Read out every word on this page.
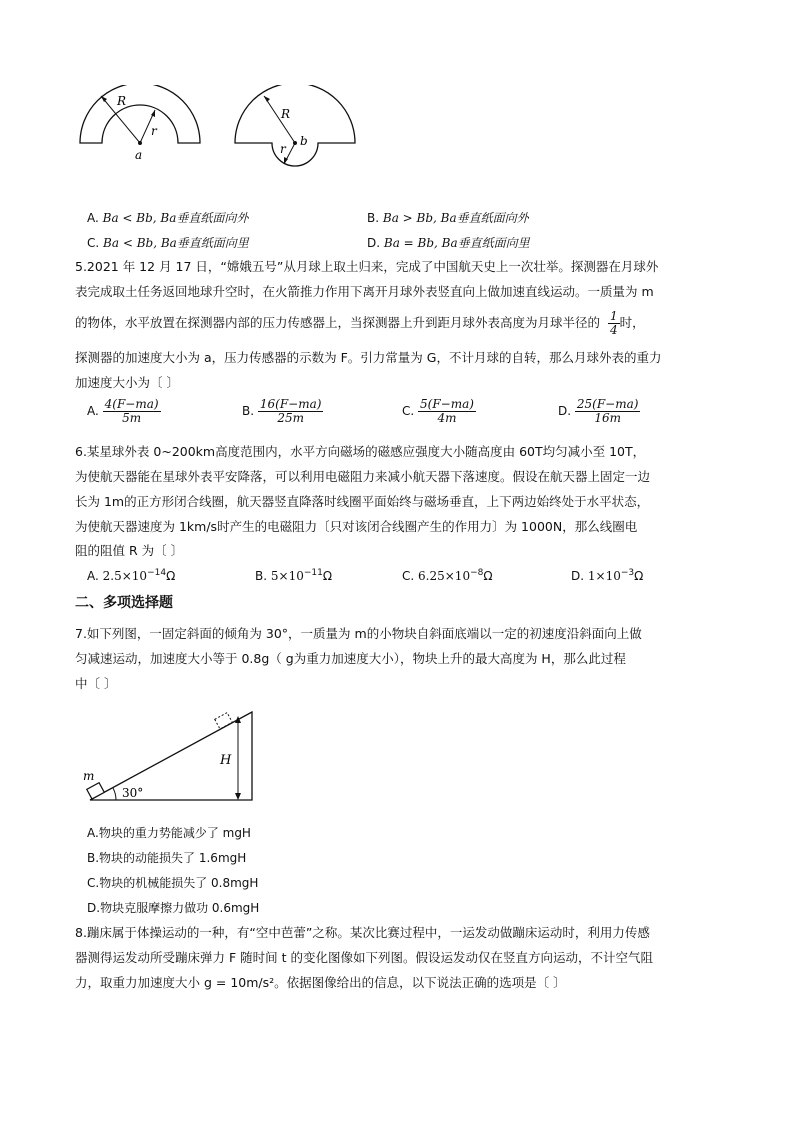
R
r
a
R
r
b
A. Ba < Bb, Ba垂直纸面向外	B. Ba > Bb, Ba垂直纸面向外
C. Ba < Bb, Ba垂直纸面向里	D. Ba = Bb, Ba垂直纸面向里
5.2021 年 12 月 17 日，“嫦娥五号”从月球上取土归来，完成了中国航天史上一次壮举。探测器在月球外
表完成取土任务返回地球升空时，在火箭推力作用下离开月球外表竖直向上做加速直线运动。一质量为 m
的物体，水平放置在探测器内部的压力传感器上，当探测器上升到距月球外表高度为月球半径的 $\frac{1}{4}$ 时，
探测器的加速度大小为 a，压力传感器的示数为 F。引力常量为 G，不计月球的自转，那么月球外表的重力
加速度大小为〔 〕
A. $\frac{4(F-ma)}{5m}$	B. $\frac{16(F-ma)}{25m}$	C. $\frac{5(F-ma)}{4m}$	D. $\frac{25(F-ma)}{16m}$
6.某星球外表 0~200km高度范围内，水平方向磁场的磁感应强度大小随高度由 60T均匀减小至 10T，
为使航天器能在星球外表平安降落，可以利用电磁阻力来减小航天器下落速度。假设在航天器上固定一边
长为 1m的正方形闭合线圈，航天器竖直降落时线圈平面始终与磁场垂直，上下两边始终处于水平状态，
为使航天器速度为 1km/s时产生的电磁阻力〔只对该闭合线圈产生的作用力〕为 1000N，那么线圈电
阻的阻值 R 为〔 〕
A. $2.5\times 10^{-14}\Omega$	B. $5\times 10^{-11}\Omega$	C. $6.25\times 10^{-8}\Omega$	D. $1\times 10^{-3}\Omega$
二、多项选择题
7.如下列图，一固定斜面的倾角为 30°，一质量为 m的小物块自斜面底端以一定的初速度沿斜面向上做
匀减速运动，加速度大小等于 0.8g（ g为重力加速度大小），物块上升的最大高度为 H，那么此过程
中〔 〕
m
30°
H
A.物块的重力势能减少了 mgH
B.物块的动能损失了 1.6mgH
C.物块的机械能损失了 0.8mgH
D.物块克服摩擦力做功 0.6mgH
8.蹦床属于体操运动的一种，有“空中芭蕾”之称。某次比赛过程中，一运发动做蹦床运动时，利用力传感
器测得运发动所受蹦床弹力 F 随时间 t 的变化图像如下列图。假设运发动仅在竖直方向运动，不计空气阻
力，取重力加速度大小 g = 10m/s²。依据图像给出的信息，以下说法正确的选项是〔 〕
